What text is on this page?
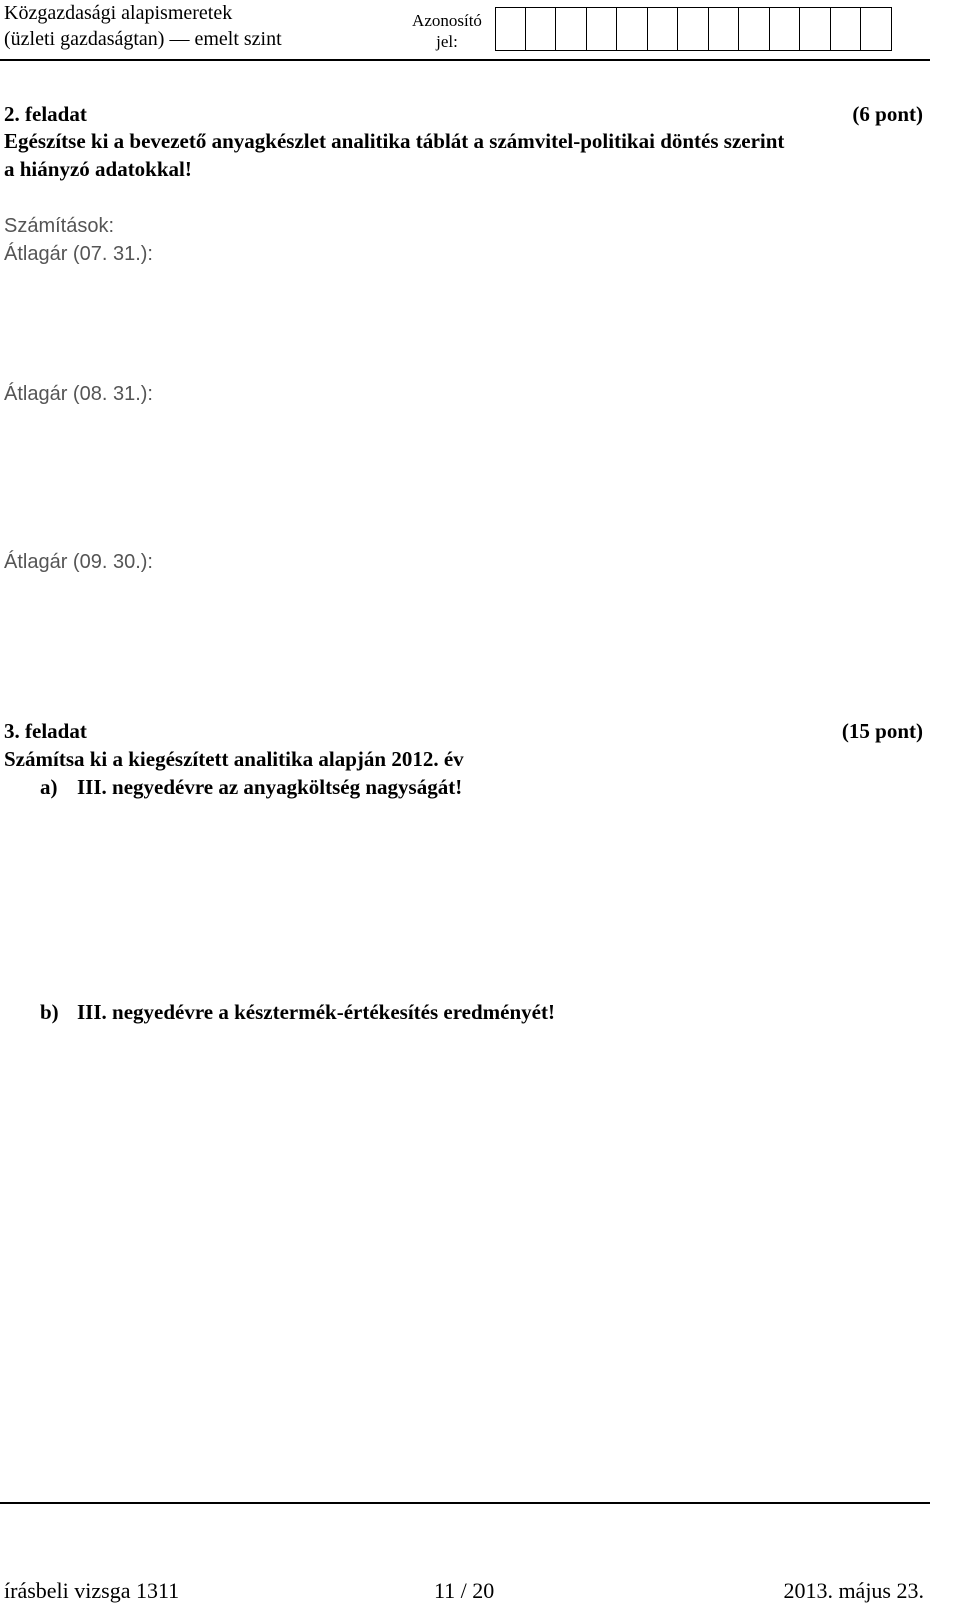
Közgazdasági alapismeretek
(üzleti gazdaságtan) — emelt szint
Azonosító
jel:
2. feladat	(6 pont)
Egészítse ki a bevezető anyagkészlet analitika táblát a számvitel-politikai döntés szerint
a hiányzó adatokkal!
Számítások:
Átlagár (07. 31.):
Átlagár (08. 31.):
Átlagár (09. 30.):
3. feladat	(15 pont)
Számítsa ki a kiegészített analitika alapján 2012. év
a) III. negyedévre az anyagköltség nagyságát!
b) III. negyedévre a késztermék-értékesítés eredményét!
írásbeli vizsga 1311	11 / 20	2013. május 23.
